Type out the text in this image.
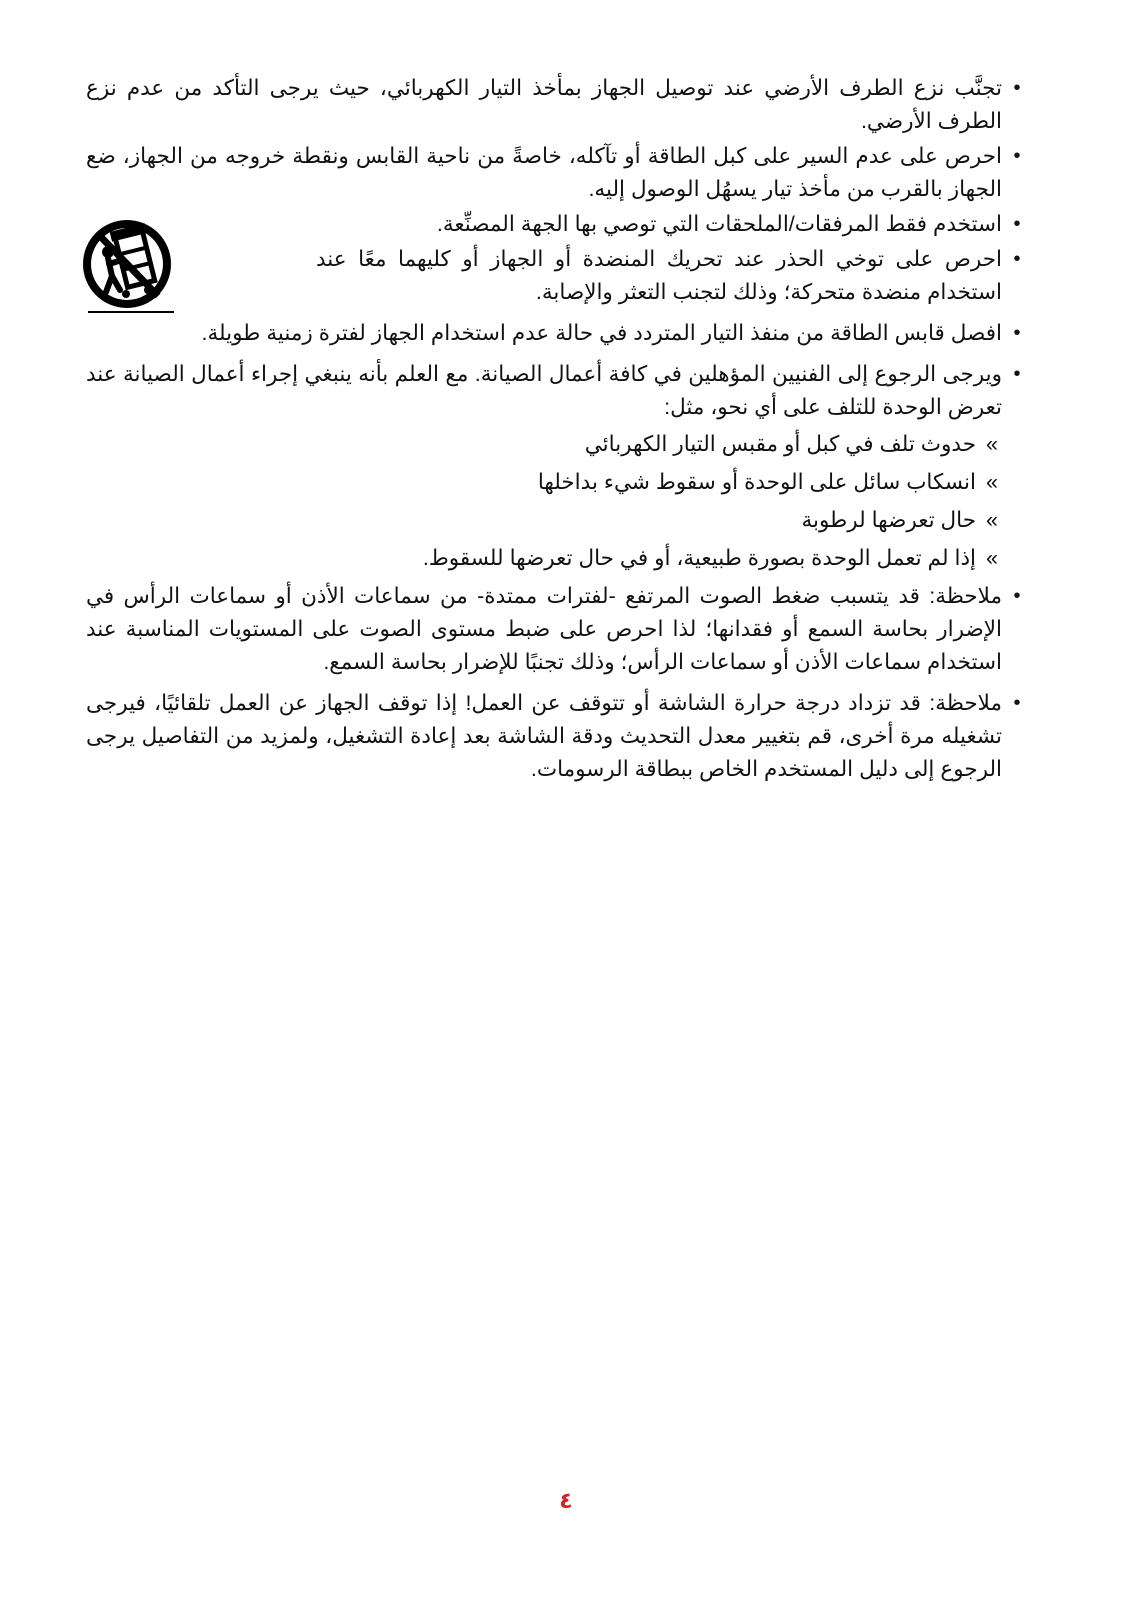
•
تجنَّب نزع الطرف الأرضي عند توصيل الجهاز بمأخذ التيار الكهربائي، حيث يرجى التأكد من عدم نزع الطرف الأرضي.
•
احرص على عدم السير على كبل الطاقة أو تآكله، خاصةً من ناحية القابس ونقطة خروجه من الجهاز، ضع الجهاز بالقرب من مأخذ تيار يسهُل الوصول إليه.
•
استخدم فقط المرفقات/الملحقات التي توصي بها الجهة المصنِّعة.
•
احرص على توخي الحذر عند تحريك المنضدة أو الجهاز أو كليهما معًا عند استخدام منضدة متحركة؛ وذلك لتجنب التعثر والإصابة.
•
افصل قابس الطاقة من منفذ التيار المتردد في حالة عدم استخدام الجهاز لفترة زمنية طويلة.
•
ويرجى الرجوع إلى الفنيين المؤهلين في كافة أعمال الصيانة. مع العلم بأنه ينبغي إجراء أعمال الصيانة عند تعرض الوحدة للتلف على أي نحو، مثل:
»
حدوث تلف في كبل أو مقبس التيار الكهربائي
»
انسكاب سائل على الوحدة أو سقوط شيء بداخلها
»
حال تعرضها لرطوبة
»
إذا لم تعمل الوحدة بصورة طبيعية، أو في حال تعرضها للسقوط.
•
ملاحظة: قد يتسبب ضغط الصوت المرتفع -لفترات ممتدة- من سماعات الأذن أو سماعات الرأس في الإضرار بحاسة السمع أو فقدانها؛ لذا احرص على ضبط مستوى الصوت على المستويات المناسبة عند استخدام سماعات الأذن أو سماعات الرأس؛ وذلك تجنبًا للإضرار بحاسة السمع.
•
ملاحظة: قد تزداد درجة حرارة الشاشة أو تتوقف عن العمل! إذا توقف الجهاز عن العمل تلقائيًا، فيرجى تشغيله مرة أخرى، قم بتغيير معدل التحديث ودقة الشاشة بعد إعادة التشغيل، ولمزيد من التفاصيل يرجى الرجوع إلى دليل المستخدم الخاص ببطاقة الرسومات.
٤
